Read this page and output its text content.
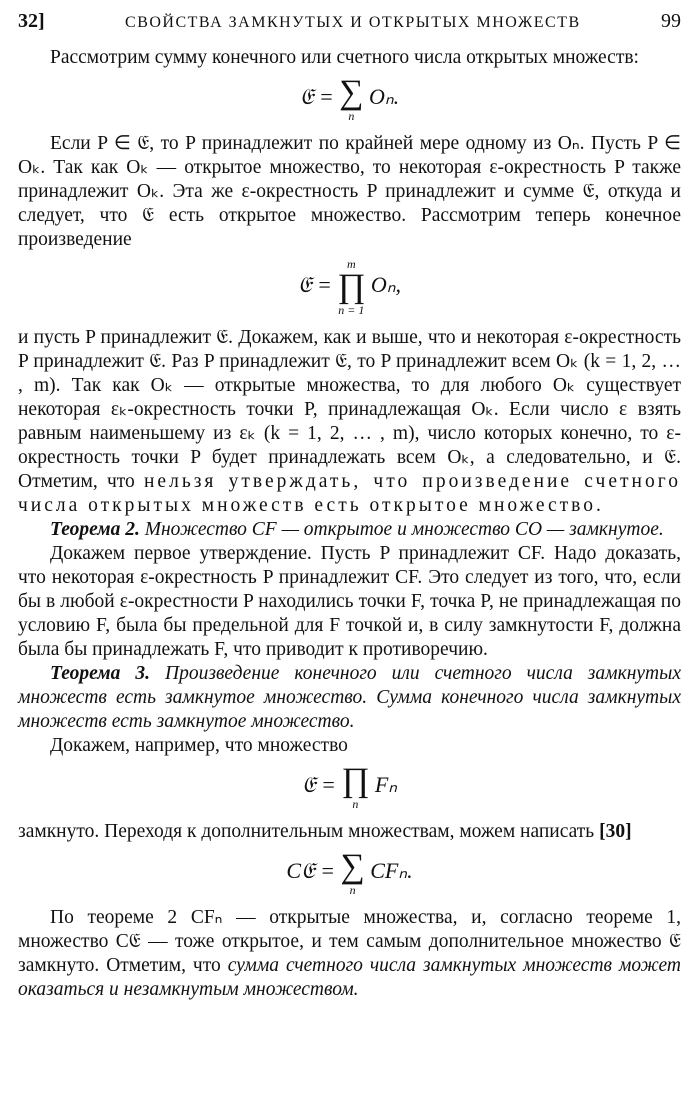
32]	СВОЙСТВА ЗАМКНУТЫХ И ОТКРЫТЫХ МНОЖЕСТВ	99

Рассмотрим сумму конечного или счетного числа открытых множеств:

𝔈 = ∑
n
Oₙ.

Если P ∈ 𝔈, то P принадлежит по крайней мере одному из Oₙ. Пусть P ∈ Oₖ. Так как Oₖ — открытое множество, то некоторая ε-окрестность P также принадлежит Oₖ. Эта же ε-окрестность P принадлежит и сумме 𝔈, откуда и следует, что 𝔈 есть открытое множество. Рассмотрим теперь конечное произведение

𝔈 =
m
∏
n = 1
Oₙ,

и пусть P принадлежит 𝔈. Докажем, как и выше, что и некоторая ε-окрестность P принадлежит 𝔈. Раз P принадлежит 𝔈, то P принадлежит всем Oₖ (k = 1, 2, … , m). Так как Oₖ — открытые множества, то для любого Oₖ существует некоторая εₖ-окрестность точки P, принадлежащая Oₖ. Если число ε взять равным наименьшему из εₖ (k = 1, 2, … , m), число которых конечно, то ε-окрестность точки P будет принадлежать всем Oₖ, а следовательно, и 𝔈. Отметим, что нельзя утверждать, что произведение счетного числа открытых множеств есть открытое множество.

Теорема 2. Множество CF — открытое и множество CO — замкнутое.

Докажем первое утверждение. Пусть P принадлежит CF. Надо доказать, что некоторая ε-окрестность P принадлежит CF. Это следует из того, что, если бы в любой ε-окрестности P находились точки F, точка P, не принадлежащая по условию F, была бы предельной для F точкой и, в силу замкнутости F, должна была бы принадлежать F, что приводит к противоречию.

Теорема 3. Произведение конечного или счетного числа замкнутых множеств есть замкнутое множество. Сумма конечного числа замкнутых множеств есть замкнутое множество.

Докажем, например, что множество

𝔈 = ∏
n
Fₙ

замкнуто. Переходя к дополнительным множествам, можем написать [30]

C𝔈 = ∑
n
CFₙ.

По теореме 2 CFₙ — открытые множества, и, согласно теореме 1, множество C𝔈 — тоже открытое, и тем самым дополнительное множество 𝔈 замкнуто. Отметим, что сумма счетного числа замкнутых множеств может оказаться и незамкнутым множеством.
